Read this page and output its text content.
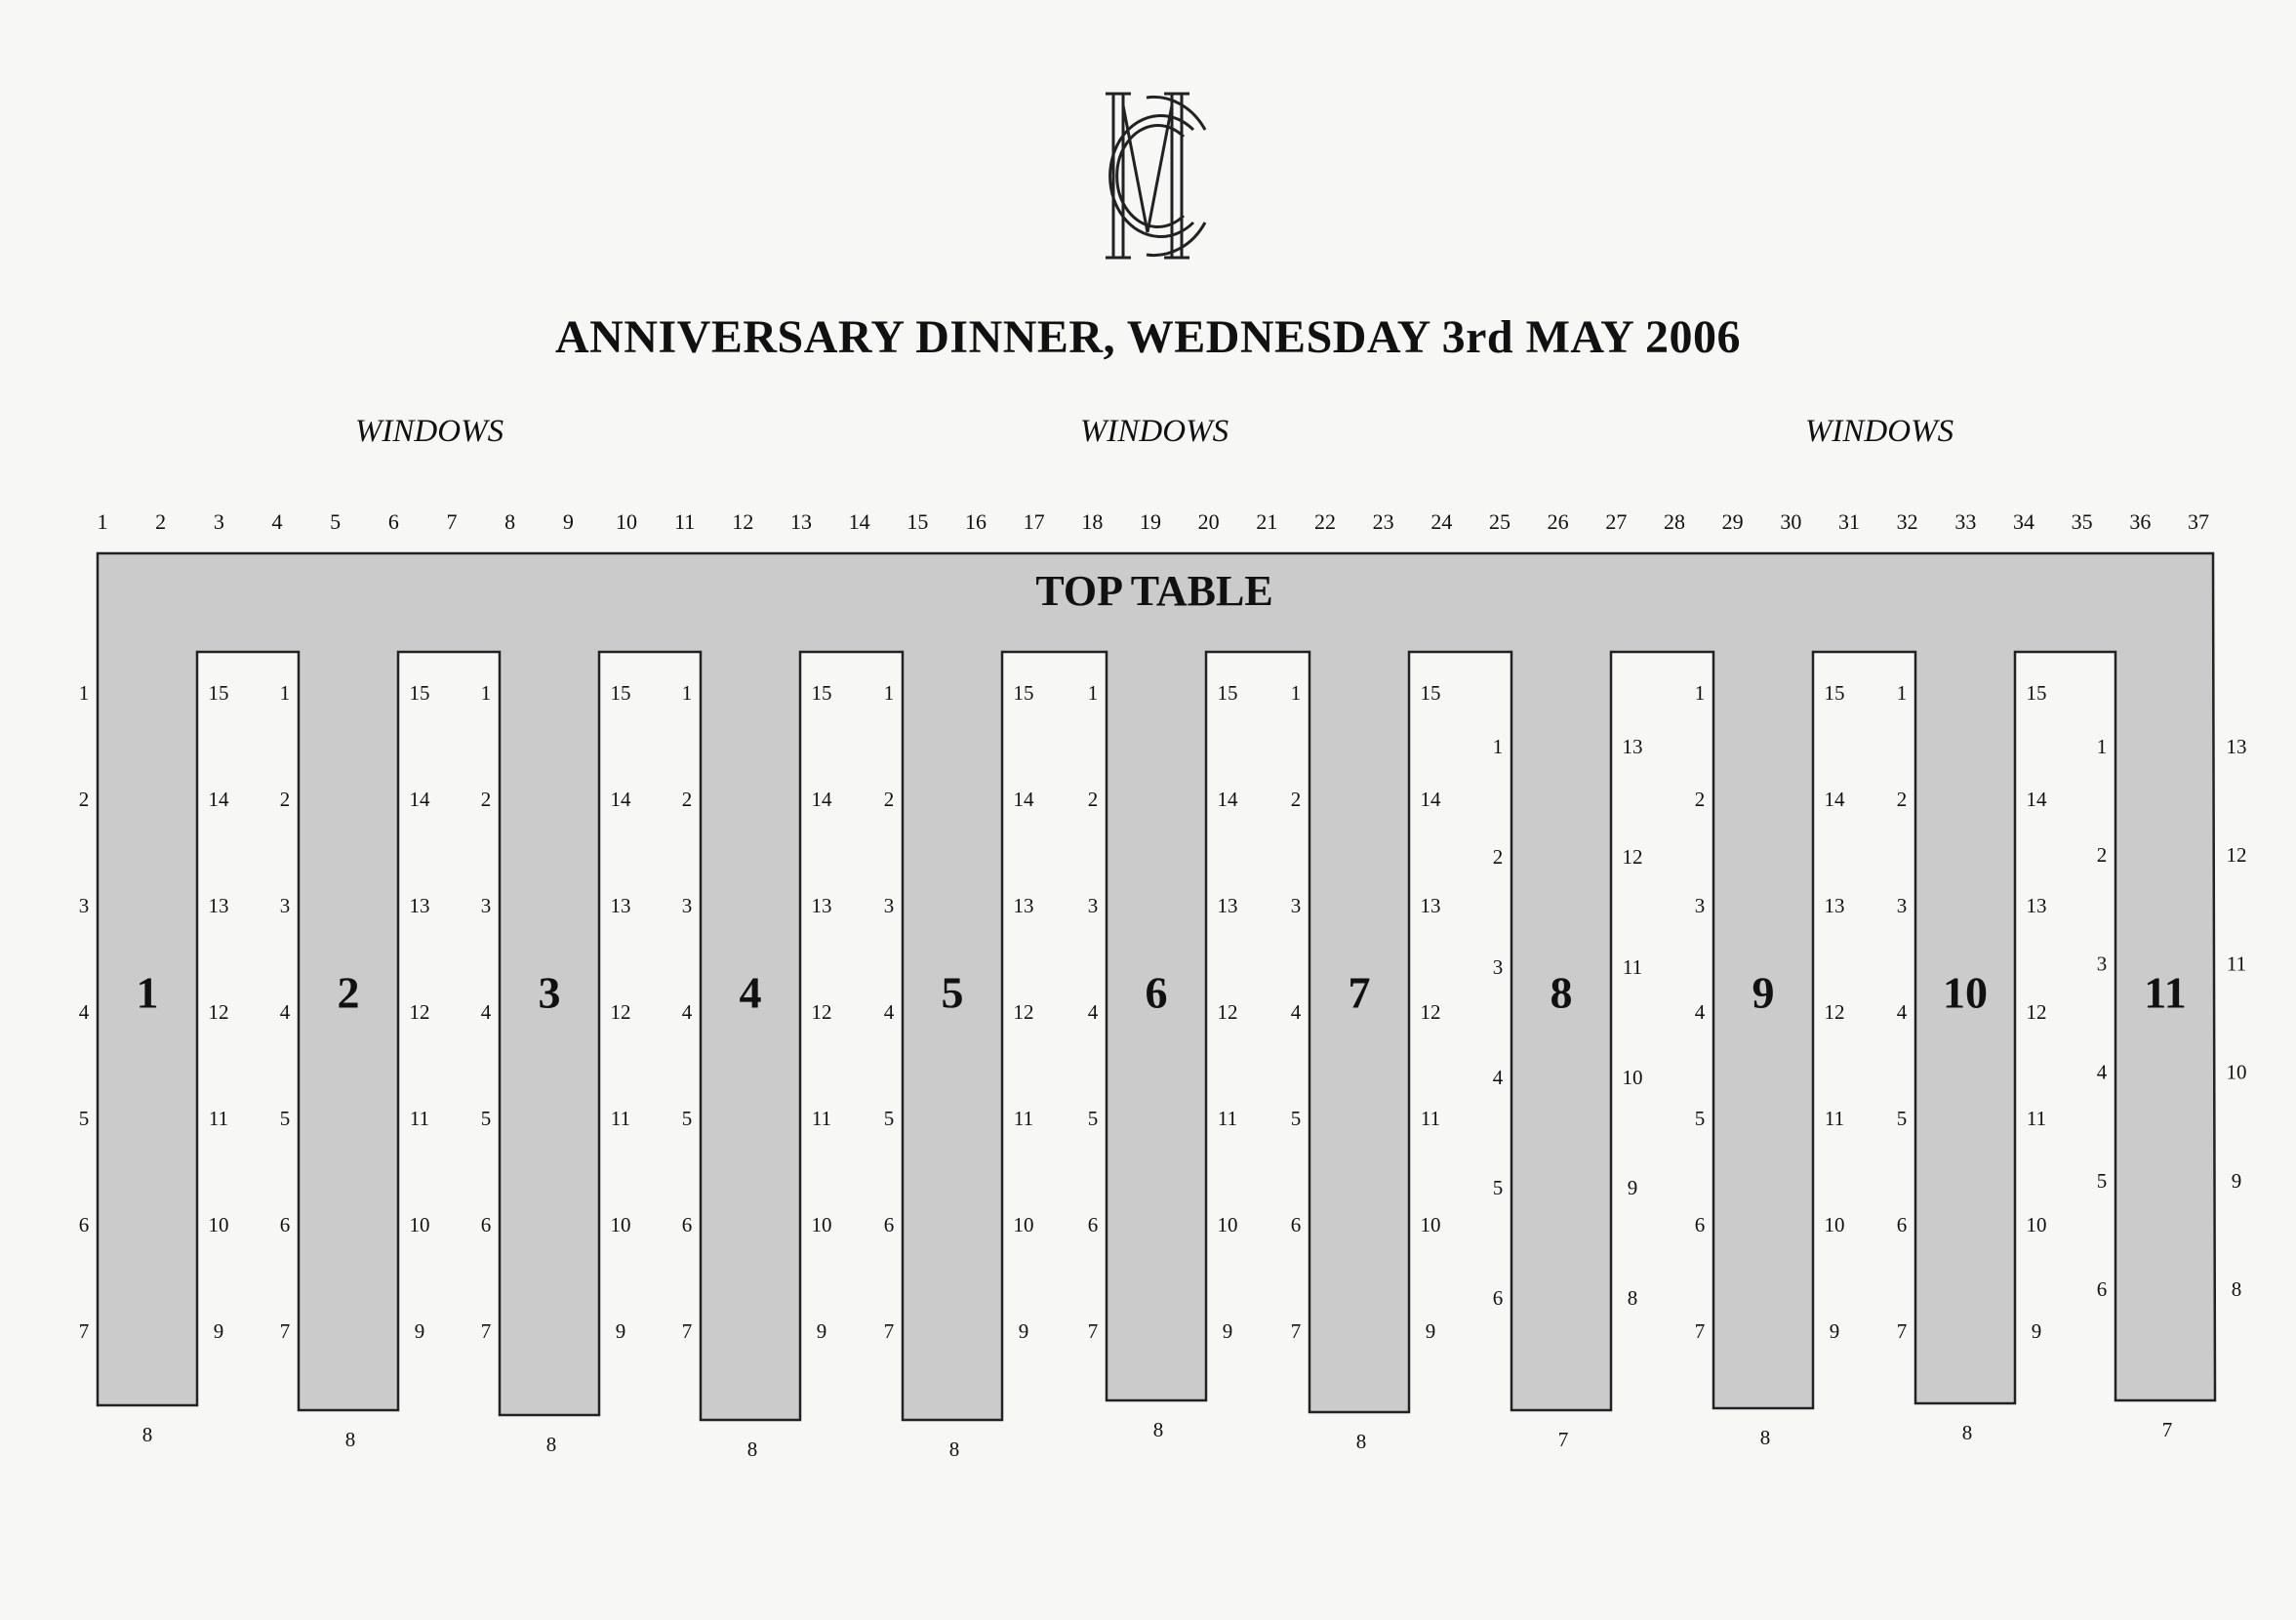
ANNIVERSARY DINNER, WEDNESDAY 3rd MAY 2006
WINDOWS	WINDOWS	WINDOWS
TOP TABLE
1 2 3 4 5 6 7 8 9 10 11 12 13 14 15 16 17 18 19 20 21 22 23 24 25 26 27 28 29 30 31 32 33 34 35 36 37
1
1
2
3
4
5
6
7
15
14
13
12
11
10
9
8
2
1
2
3
4
5
6
7
15
14
13
12
11
10
9
8
3
1
2
3
4
5
6
7
15
14
13
12
11
10
9
8
4
1
2
3
4
5
6
7
15
14
13
12
11
10
9
8
5
1
2
3
4
5
6
7
15
14
13
12
11
10
9
8
6
1
2
3
4
5
6
7
15
14
13
12
11
10
9
8
7
1
2
3
4
5
6
7
15
14
13
12
11
10
9
8
8
1
2
3
4
5
6
13
12
11
10
9
8
7
9
1
2
3
4
5
6
7
15
14
13
12
11
10
9
8
10
1
2
3
4
5
6
7
15
14
13
12
11
10
9
8
11
1
2
3
4
5
6
13
12
11
10
9
8
7
